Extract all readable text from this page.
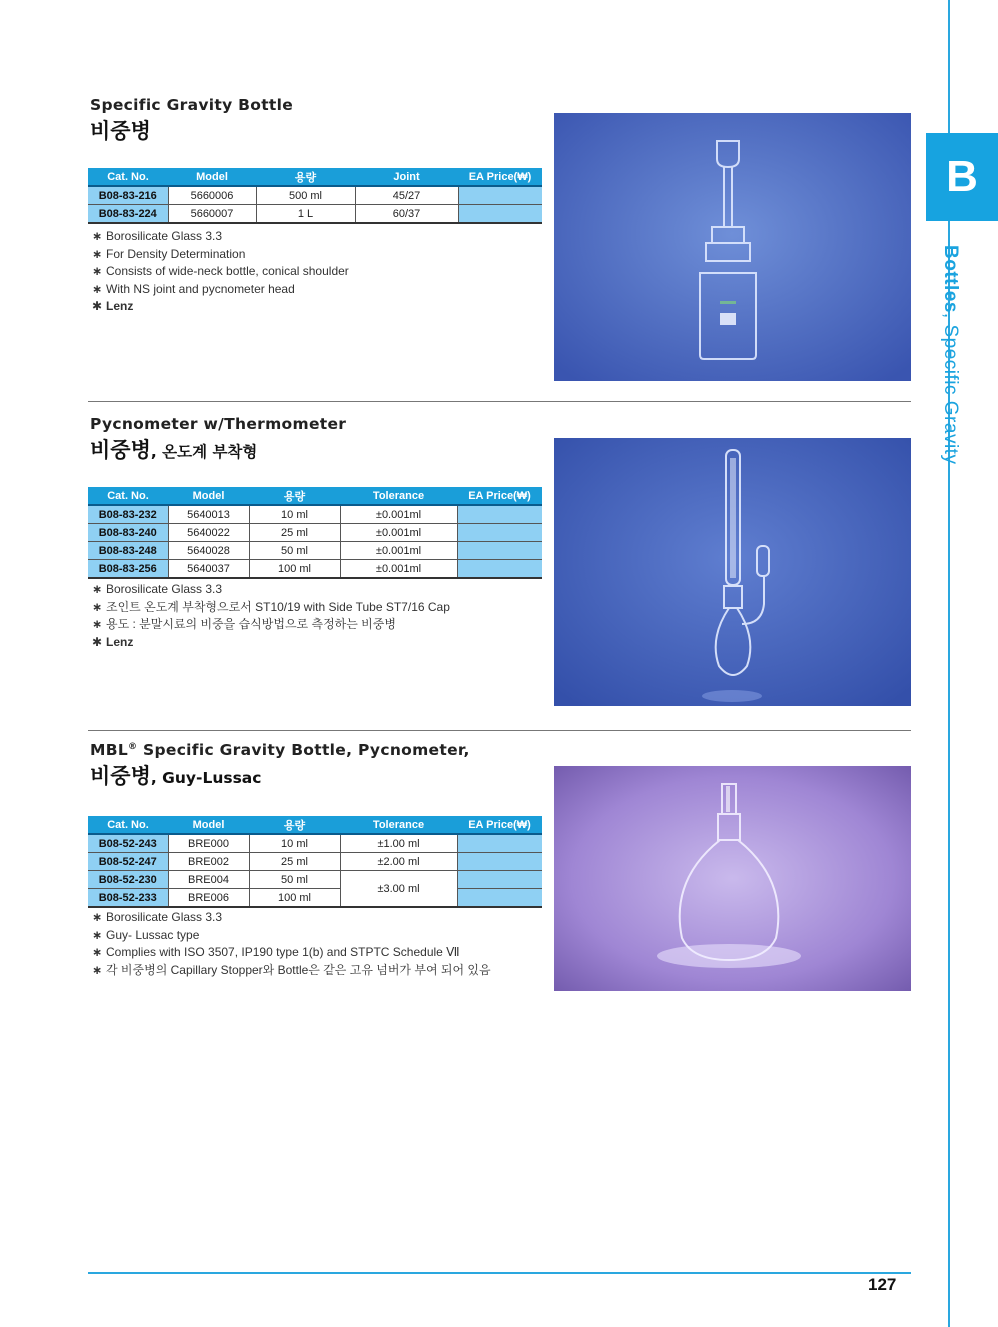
B
Bottles, Specific Gravity
Specific Gravity Bottle
비중병
Cat. No.	Model	용량	Joint	EA Price(₩)
B08-83-216	5660006	500 ml	45/27	
B08-83-224	5660007	1 L	60/37	
∗ Borosilicate Glass 3.3
∗ For Density Determination
∗ Consists of wide-neck bottle, conical shoulder
∗ With NS joint and pycnometer head
✱ Lenz
Pycnometer w/Thermometer
비중병, 온도계 부착형
Cat. No.	Model	용량	Tolerance	EA Price(₩)
B08-83-232	5640013	10 ml	±0.001ml	
B08-83-240	5640022	25 ml	±0.001ml	
B08-83-248	5640028	50 ml	±0.001ml	
B08-83-256	5640037	100 ml	±0.001ml	
∗ Borosilicate Glass 3.3
∗ 조인트 온도계 부착형으로서 ST10/19 with Side Tube ST7/16 Cap
∗ 용도 : 분말시료의 비중을 습식방법으로 측정하는 비중병
✱ Lenz
MBL® Specific Gravity Bottle, Pycnometer,
비중병, Guy-Lussac
Cat. No.	Model	용량	Tolerance	EA Price(₩)
B08-52-243	BRE000	10 ml	±1.00 ml	
B08-52-247	BRE002	25 ml	±2.00 ml	
B08-52-230	BRE004	50 ml	±3.00 ml	
B08-52-233	BRE006	100 ml		
∗ Borosilicate Glass 3.3
∗ Guy- Lussac type
∗ Complies with ISO 3507, IP190 type 1(b) and STPTC Schedule Ⅶ
∗ 각 비중병의 Capillary Stopper와 Bottle은 같은 고유 넘버가 부여 되어 있음
127
